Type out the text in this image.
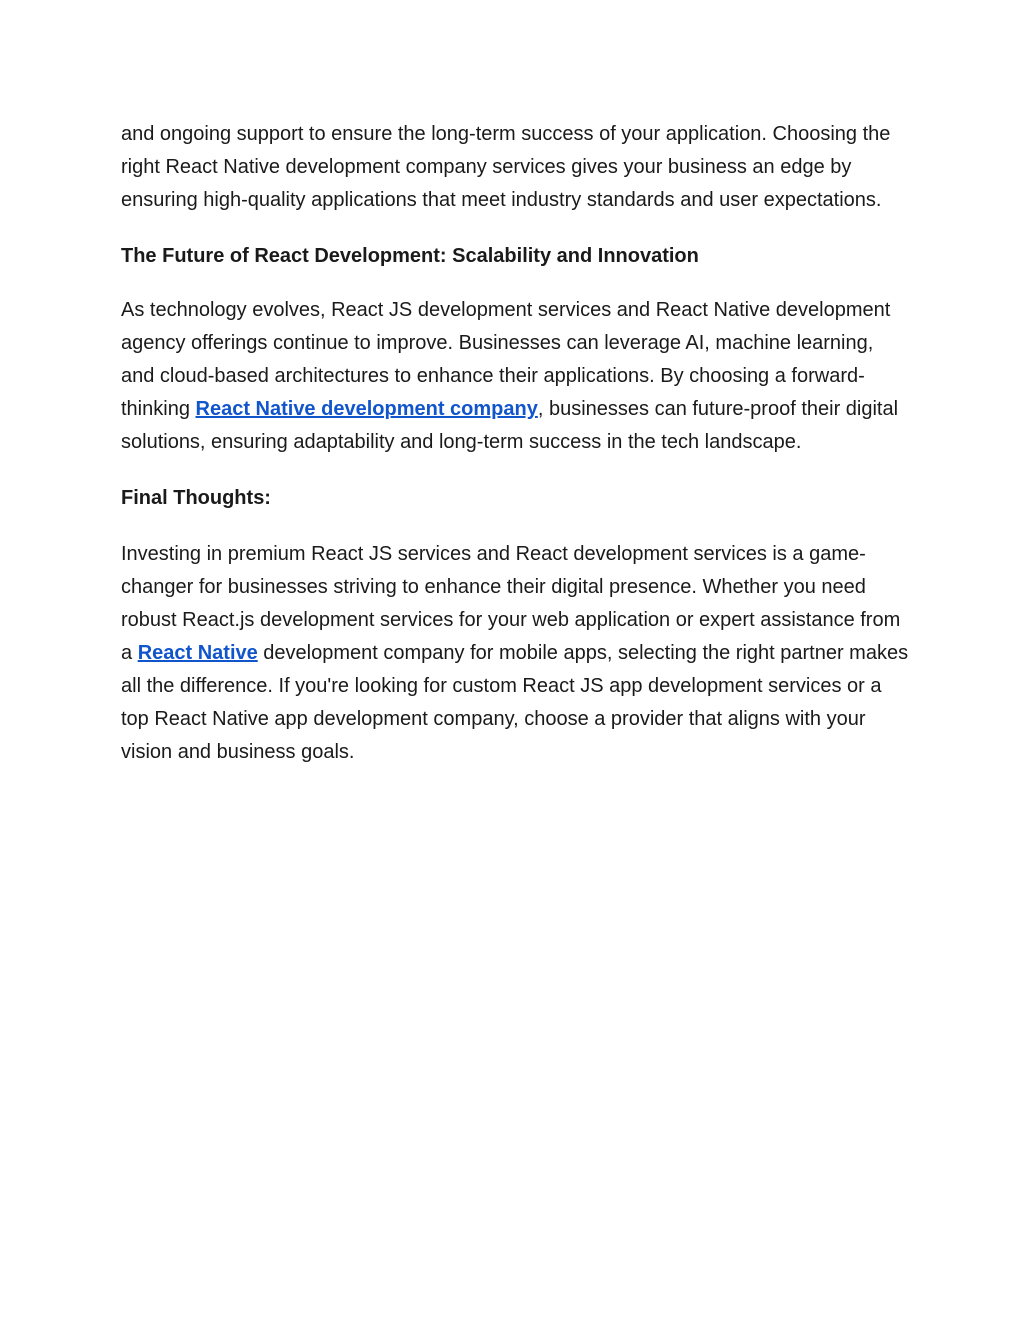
and ongoing support to ensure the long-term success of your application. Choosing the right React Native development company services gives your business an edge by ensuring high-quality applications that meet industry standards and user expectations.

The Future of React Development: Scalability and Innovation

As technology evolves, React JS development services and React Native development agency offerings continue to improve. Businesses can leverage AI, machine learning, and cloud-based architectures to enhance their applications. By choosing a forward-thinking React Native development company, businesses can future-proof their digital solutions, ensuring adaptability and long-term success in the tech landscape.

Final Thoughts:

Investing in premium React JS services and React development services is a game-changer for businesses striving to enhance their digital presence. Whether you need robust React.js development services for your web application or expert assistance from a React Native development company for mobile apps, selecting the right partner makes all the difference. If you're looking for custom React JS app development services or a top React Native app development company, choose a provider that aligns with your vision and business goals.
